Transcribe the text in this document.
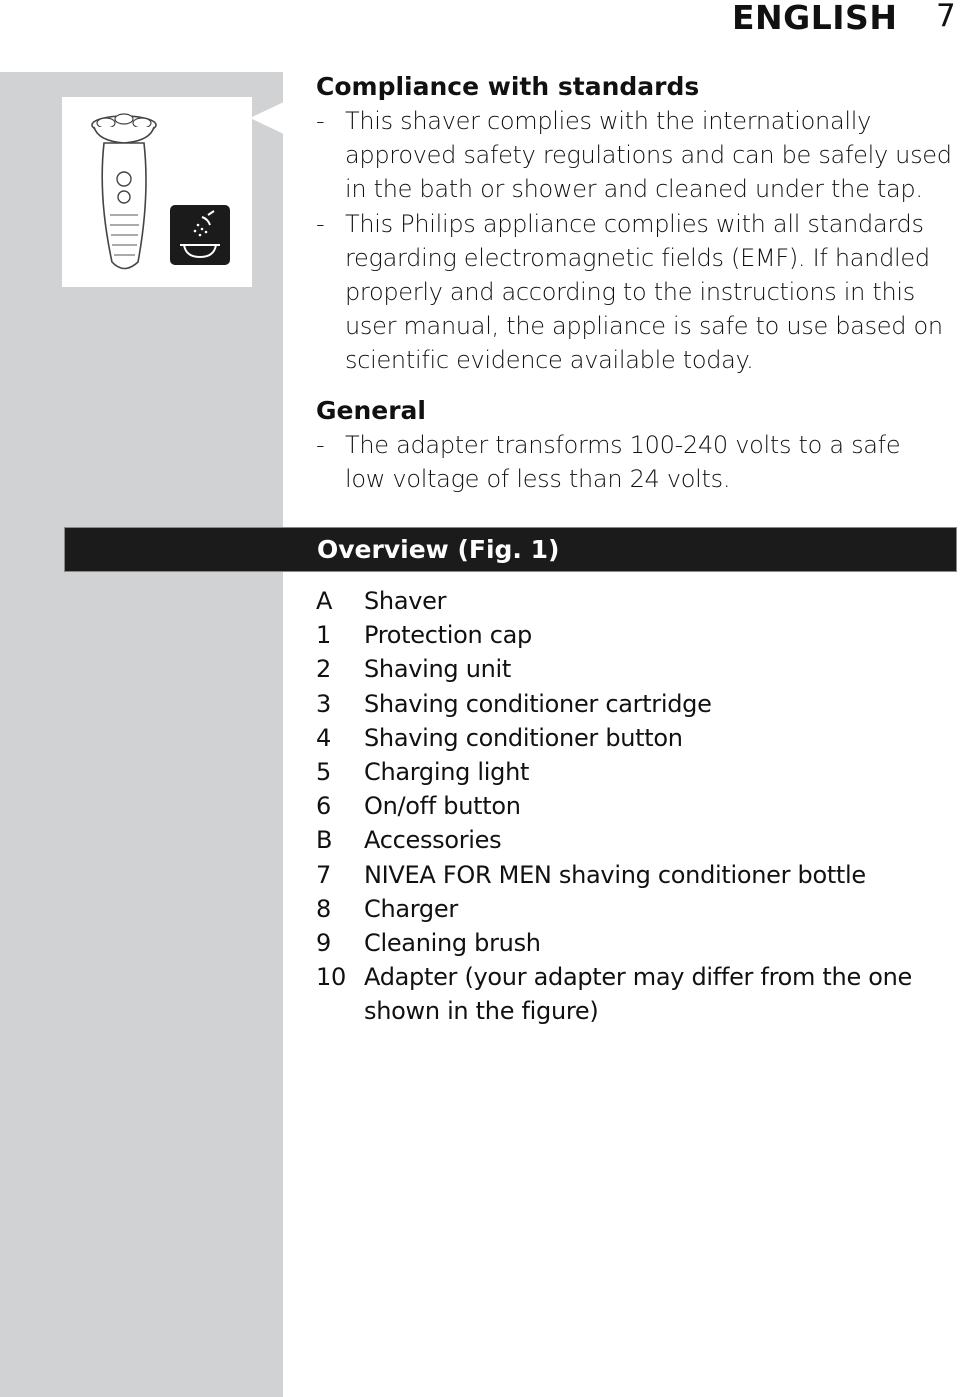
ENGLISH 7
Compliance with standards
- This shaver complies with the internationally
approved safety regulations and can be safely used
in the bath or shower and cleaned under the tap.
- This Philips appliance complies with all standards
regarding electromagnetic fields (EMF). If handled
properly and according to the instructions in this
user manual, the appliance is safe to use based on
scientific evidence available today.
General
- The adapter transforms 100-240 volts to a safe
low voltage of less than 24 volts.
Overview (Fig. 1)
A Shaver
1 Protection cap
2 Shaving unit
3 Shaving conditioner cartridge
4 Shaving conditioner button
5 Charging light
6 On/off button
B Accessories
7 NIVEA FOR MEN shaving conditioner bottle
8 Charger
9 Cleaning brush
10 Adapter (your adapter may differ from the one
shown in the figure)
